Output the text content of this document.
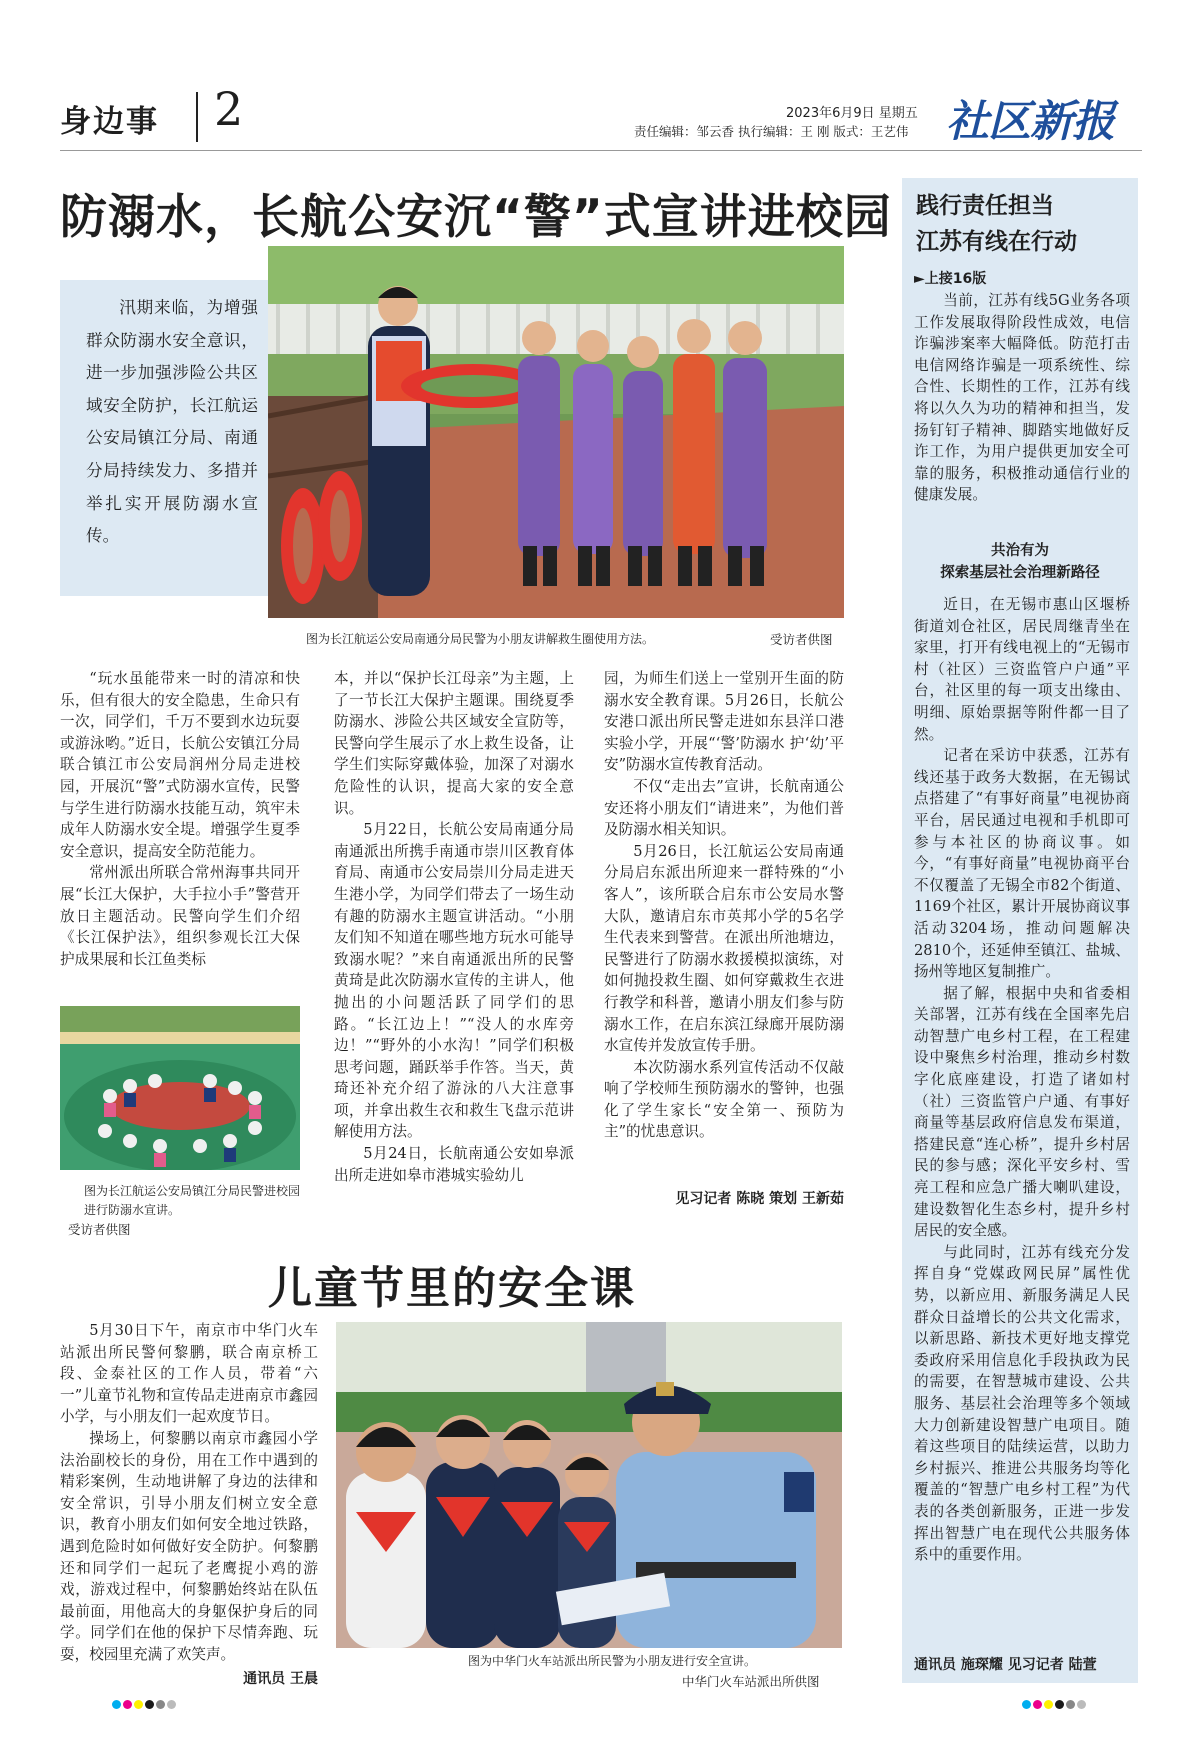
身边事 2	2023年6月9日 星期五
责任编辑：邹云香 执行编辑：王 刚 版式：王艺伟 社区新报
防溺水，长航公安沉“警”式宣讲进校园

汛期来临，为增强群众防溺水安全意识，进一步加强涉险公共区域安全防护，长江航运公安局镇江分局、南通分局持续发力、多措并举扎实开展防溺水宣传。

图为长江航运公安局南通分局民警为小朋友讲解救生圈使用方法。	受访者供图

“玩水虽能带来一时的清凉和快乐，但有很大的安全隐患，生命只有一次，同学们，千万不要到水边玩耍或游泳哟。”近日，长航公安镇江分局联合镇江市公安局润州分局走进校园，开展沉“警”式防溺水宣传，民警与学生进行防溺水技能互动，筑牢未成年人防溺水安全堤。增强学生夏季安全意识，提高安全防范能力。

常州派出所联合常州海事共同开展“长江大保护，大手拉小手”警营开放日主题活动。民警向学生们介绍《长江保护法》，组织参观长江大保护成果展和长江鱼类标

图为长江航运公安局镇江分局民警进校园进行防溺水宣讲。 受访者供图

本，并以“保护长江母亲”为主题，上了一节长江大保护主题课。围绕夏季防溺水、涉险公共区域安全宣防等，民警向学生展示了水上救生设备，让学生们实际穿戴体验，加深了对溺水危险性的认识，提高大家的安全意识。

5月22日，长航公安局南通分局南通派出所携手南通市崇川区教育体育局、南通市公安局崇川分局走进天生港小学，为同学们带去了一场生动有趣的防溺水主题宣讲活动。“小朋友们知不知道在哪些地方玩水可能导致溺水呢？”来自南通派出所的民警黄琦是此次防溺水宣传的主讲人，他抛出的小问题活跃了同学们的思路。“长江边上！”“没人的水库旁边！”“野外的小水沟！”同学们积极思考问题，踊跃举手作答。当天，黄琦还补充介绍了游泳的八大注意事项，并拿出救生衣和救生飞盘示范讲解使用方法。

5月24日，长航南通公安如皋派出所走进如皋市港城实验幼儿

园，为师生们送上一堂别开生面的防溺水安全教育课。5月26日，长航公安港口派出所民警走进如东县洋口港实验小学，开展“‘警’防溺水 护‘幼’平安”防溺水宣传教育活动。

不仅“走出去”宣讲，长航南通公安还将小朋友们“请进来”，为他们普及防溺水相关知识。

5月26日，长江航运公安局南通分局启东派出所迎来一群特殊的“小客人”，该所联合启东市公安局水警大队，邀请启东市英邦小学的5名学生代表来到警营。在派出所池塘边，民警进行了防溺水救援模拟演练，对如何抛投救生圈、如何穿戴救生衣进行教学和科普，邀请小朋友们参与防溺水工作，在启东滨江绿廊开展防溺水宣传并发放宣传手册。

本次防溺水系列宣传活动不仅敲响了学校师生预防溺水的警钟，也强化了学生家长“安全第一、预防为主”的忧患意识。

见习记者 陈晓 策划 王新茹
儿童节里的安全课

5月30日下午，南京市中华门火车站派出所民警何黎鹏，联合南京桥工段、金泰社区的工作人员，带着“六一”儿童节礼物和宣传品走进南京市鑫园小学，与小朋友们一起欢度节日。

操场上，何黎鹏以南京市鑫园小学法治副校长的身份，用在工作中遇到的精彩案例，生动地讲解了身边的法律和安全常识，引导小朋友们树立安全意识，教育小朋友们如何安全地过铁路，遇到危险时如何做好安全防护。何黎鹏还和同学们一起玩了老鹰捉小鸡的游戏，游戏过程中，何黎鹏始终站在队伍最前面，用他高大的身躯保护身后的同学。同学们在他的保护下尽情奔跑、玩耍，校园里充满了欢笑声。

通讯员 王晨
图为中华门火车站派出所民警为小朋友进行安全宣讲。
中华门火车站派出所供图
践行责任担当
江苏有线在行动
►上接16版

当前，江苏有线5G业务各项工作发展取得阶段性成效，电信诈骗涉案率大幅降低。防范打击电信网络诈骗是一项系统性、综合性、长期性的工作，江苏有线将以久久为功的精神和担当，发扬钉钉子精神、脚踏实地做好反诈工作，为用户提供更加安全可靠的服务，积极推动通信行业的健康发展。

共治有为
探索基层社会治理新路径

近日，在无锡市惠山区堰桥街道刘仓社区，居民周继青坐在家里，打开有线电视上的“无锡市村（社区）三资监管户户通”平台，社区里的每一项支出缘由、明细、原始票据等附件都一目了然。

记者在采访中获悉，江苏有线还基于政务大数据，在无锡试点搭建了“有事好商量”电视协商平台，居民通过电视和手机即可参与本社区的协商议事。如今，“有事好商量”电视协商平台不仅覆盖了无锡全市82个街道、1169个社区，累计开展协商议事活动3204场，推动问题解决2810个，还延伸至镇江、盐城、扬州等地区复制推广。

据了解，根据中央和省委相关部署，江苏有线在全国率先启动智慧广电乡村工程，在工程建设中聚焦乡村治理，推动乡村数字化底座建设，打造了诸如村（社）三资监管户户通、有事好商量等基层政府信息发布渠道，搭建民意“连心桥”，提升乡村居民的参与感；深化平安乡村、雪亮工程和应急广播大喇叭建设，建设数智化生态乡村，提升乡村居民的安全感。

与此同时，江苏有线充分发挥自身“党媒政网民屏”属性优势，以新应用、新服务满足人民群众日益增长的公共文化需求，以新思路、新技术更好地支撑党委政府采用信息化手段执政为民的需要，在智慧城市建设、公共服务、基层社会治理等多个领域大力创新建设智慧广电项目。随着这些项目的陆续运营，以助力乡村振兴、推进公共服务均等化覆盖的“智慧广电乡村工程”为代表的各类创新服务，正进一步发挥出智慧广电在现代公共服务体系中的重要作用。

通讯员 施琛耀 见习记者 陆萱
